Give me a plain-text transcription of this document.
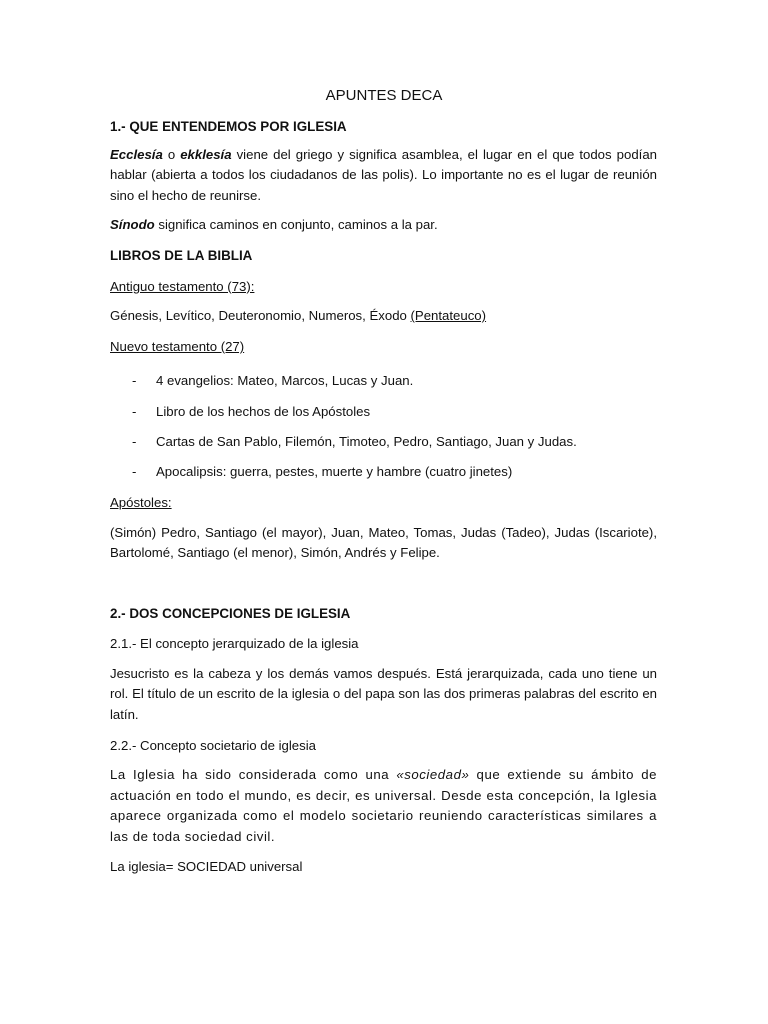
APUNTES DECA
1.- QUE ENTENDEMOS POR IGLESIA
Ecclesía o ekklesía viene del griego y significa asamblea, el lugar en el que todos podían hablar (abierta a todos los ciudadanos de las polis). Lo importante no es el lugar de reunión sino el hecho de reunirse.
Sínodo significa caminos en conjunto, caminos a la par.
LIBROS DE LA BIBLIA
Antiguo testamento (73):
Génesis, Levítico, Deuteronomio, Numeros, Éxodo (Pentateuco)
Nuevo testamento (27)
- 4 evangelios: Mateo, Marcos, Lucas y Juan.
- Libro de los hechos de los Apóstoles
- Cartas de San Pablo, Filemón, Timoteo, Pedro, Santiago, Juan y Judas.
- Apocalipsis: guerra, pestes, muerte y hambre (cuatro jinetes)
Apóstoles:
(Simón) Pedro, Santiago (el mayor), Juan, Mateo, Tomas, Judas (Tadeo), Judas (Iscariote), Bartolomé, Santiago (el menor), Simón, Andrés y Felipe.
2.- DOS CONCEPCIONES DE IGLESIA
2.1.- El concepto jerarquizado de la iglesia
Jesucristo es la cabeza y los demás vamos después. Está jerarquizada, cada uno tiene un rol. El título de un escrito de la iglesia o del papa son las dos primeras palabras del escrito en latín.
2.2.- Concepto societario de iglesia
La Iglesia ha sido considerada como una «sociedad» que extiende su ámbito de actuación en todo el mundo, es decir, es universal. Desde esta concepción, la Iglesia aparece organizada como el modelo societario reuniendo características similares a las de toda sociedad civil.
La iglesia= SOCIEDAD universal
